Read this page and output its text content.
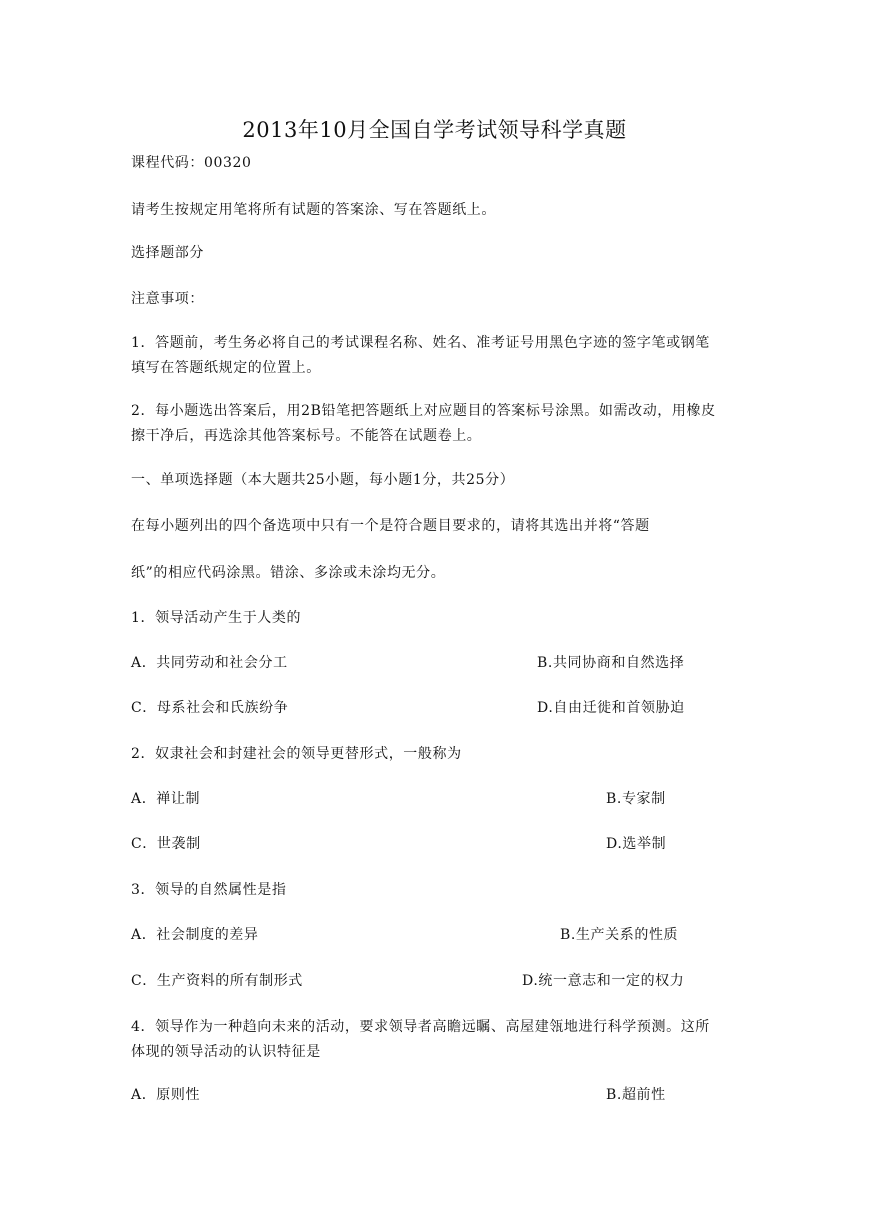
2013年10月全国自学考试领导科学真题
课程代码：00320
请考生按规定用笔将所有试题的答案涂、写在答题纸上。
选择题部分
注意事项：
1．答题前，考生务必将自己的考试课程名称、姓名、准考证号用黑色字迹的签字笔或钢笔
填写在答题纸规定的位置上。
2．每小题选出答案后，用2B铅笔把答题纸上对应题目的答案标号涂黑。如需改动，用橡皮
擦干净后，再选涂其他答案标号。不能答在试题卷上。
一、单项选择题（本大题共25小题，每小题1分，共25分）
在每小题列出的四个备选项中只有一个是符合题目要求的，请将其选出并将“答题
纸”的相应代码涂黑。错涂、多涂或未涂均无分。
1．领导活动产生于人类的
A．共同劳动和社会分工	B.共同协商和自然选择
C．母系社会和氏族纷争	D.自由迁徙和首领胁迫
2．奴隶社会和封建社会的领导更替形式，一般称为
A．禅让制	B.专家制
C．世袭制	D.选举制
3．领导的自然属性是指
A．社会制度的差异	B.生产关系的性质
C．生产资料的所有制形式	D.统一意志和一定的权力
4．领导作为一种趋向未来的活动，要求领导者高瞻远瞩、高屋建瓴地进行科学预测。这所
体现的领导活动的认识特征是
A．原则性	B.超前性
